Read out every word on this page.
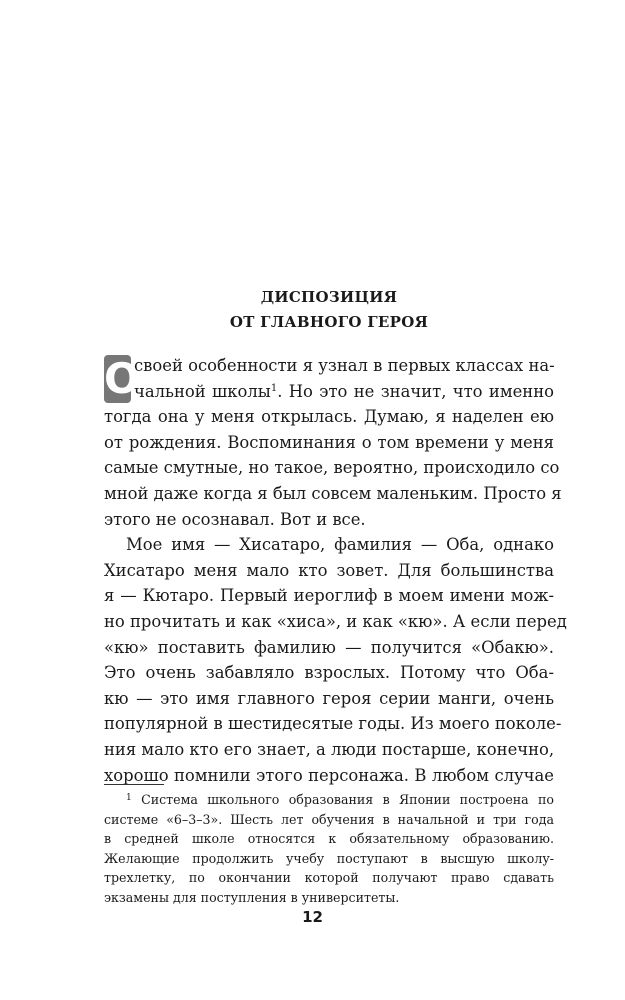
ДИСПОЗИЦИЯ
ОТ ГЛАВНОГО ГЕРОЯ
О
своей особенности я узнал в первых классах на-
чальной школы$^1$. Но это не значит, что именно
тогда она у меня открылась. Думаю, я наделен ею
от рождения. Воспоминания о том времени у меня
самые смутные, но такое, вероятно, происходило со
мной даже когда я был совсем маленьким. Просто я
этого не осознавал. Вот и все.
Мое имя — Хисатаро, фамилия — Оба, однако
Хисатаро меня мало кто зовет. Для большинства
я — Кютаро. Первый иероглиф в моем имени мож-
но прочитать и как «хиса», и как «кю». А если перед
«кю» поставить фамилию — получится «Обакю».
Это очень забавляло взрослых. Потому что Оба-
кю — это имя главного героя серии манги, очень
популярной в шестидесятые годы. Из моего поколе-
ния мало кто его знает, а люди постарше, конечно,
хорошо помнили этого персонажа. В любом случае
$^1$ Система школьного образования в Японии построена по
системе «6–3–3». Шесть лет обучения в начальной и три года
в средней школе относятся к обязательному образованию.
Желающие продолжить учебу поступают в высшую школу-
трехлетку, по окончании которой получают право сдавать
экзамены для поступления в университеты.
12
